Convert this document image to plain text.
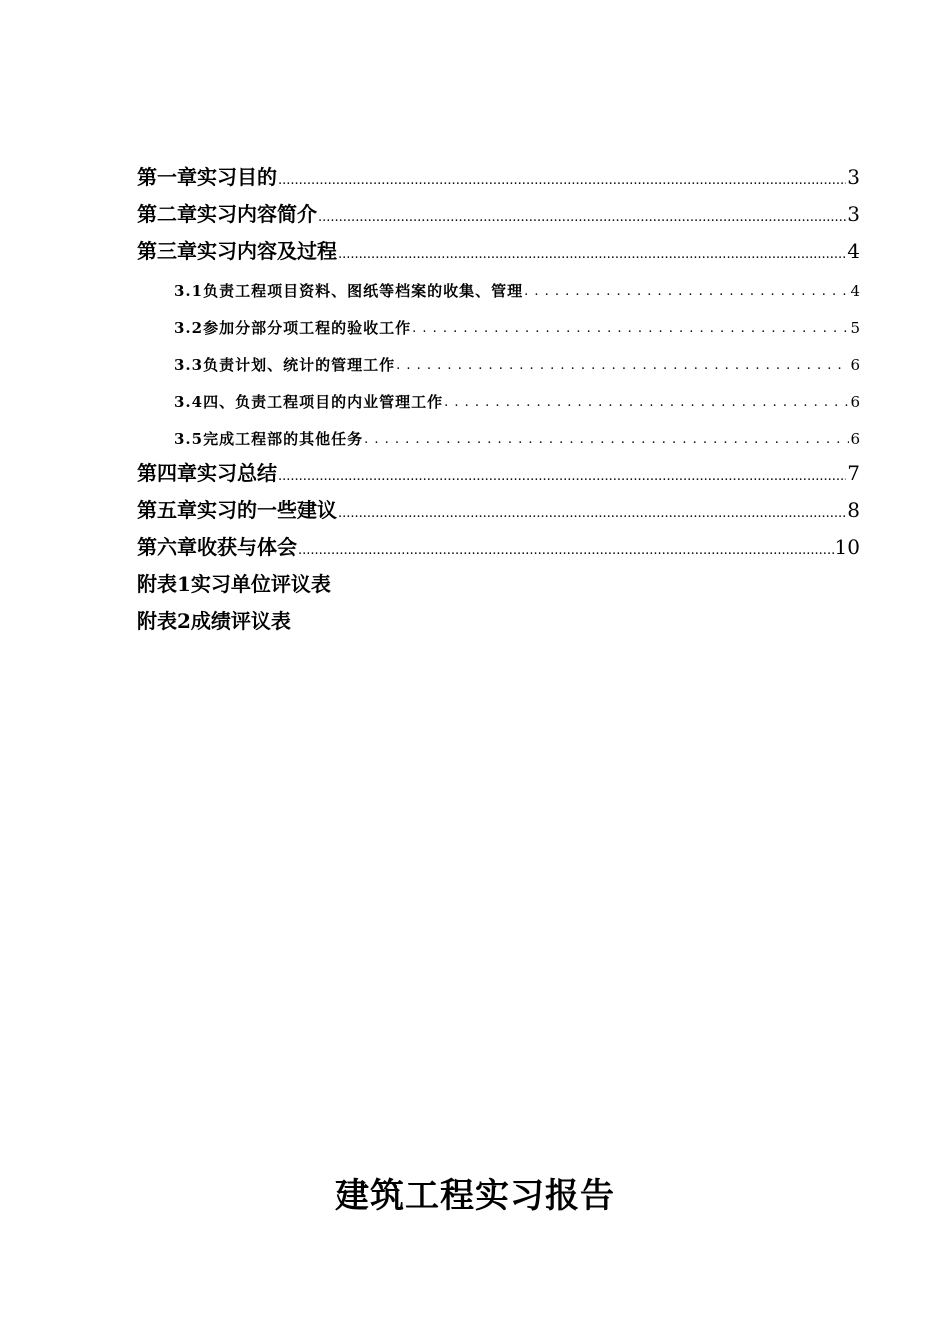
第一章实习目的 .....	3
第二章实习内容简介 .....	3
第三章实习内容及过程 .....	4
3.1负责工程项目资料、图纸等档案的收集、管理 . . .	4
3.2参加分部分项工程的验收工作 . . .	5
3.3负责计划、统计的管理工作 . . .	6
3.4四、负责工程项目的内业管理工作 . . .	6
3.5完成工程部的其他任务 . . .	6
第四章实习总结 .....	7
第五章实习的一些建议 .....	8
第六章收获与体会 .....	10
附表1实习单位评议表
附表2成绩评议表
建筑工程实习报告
